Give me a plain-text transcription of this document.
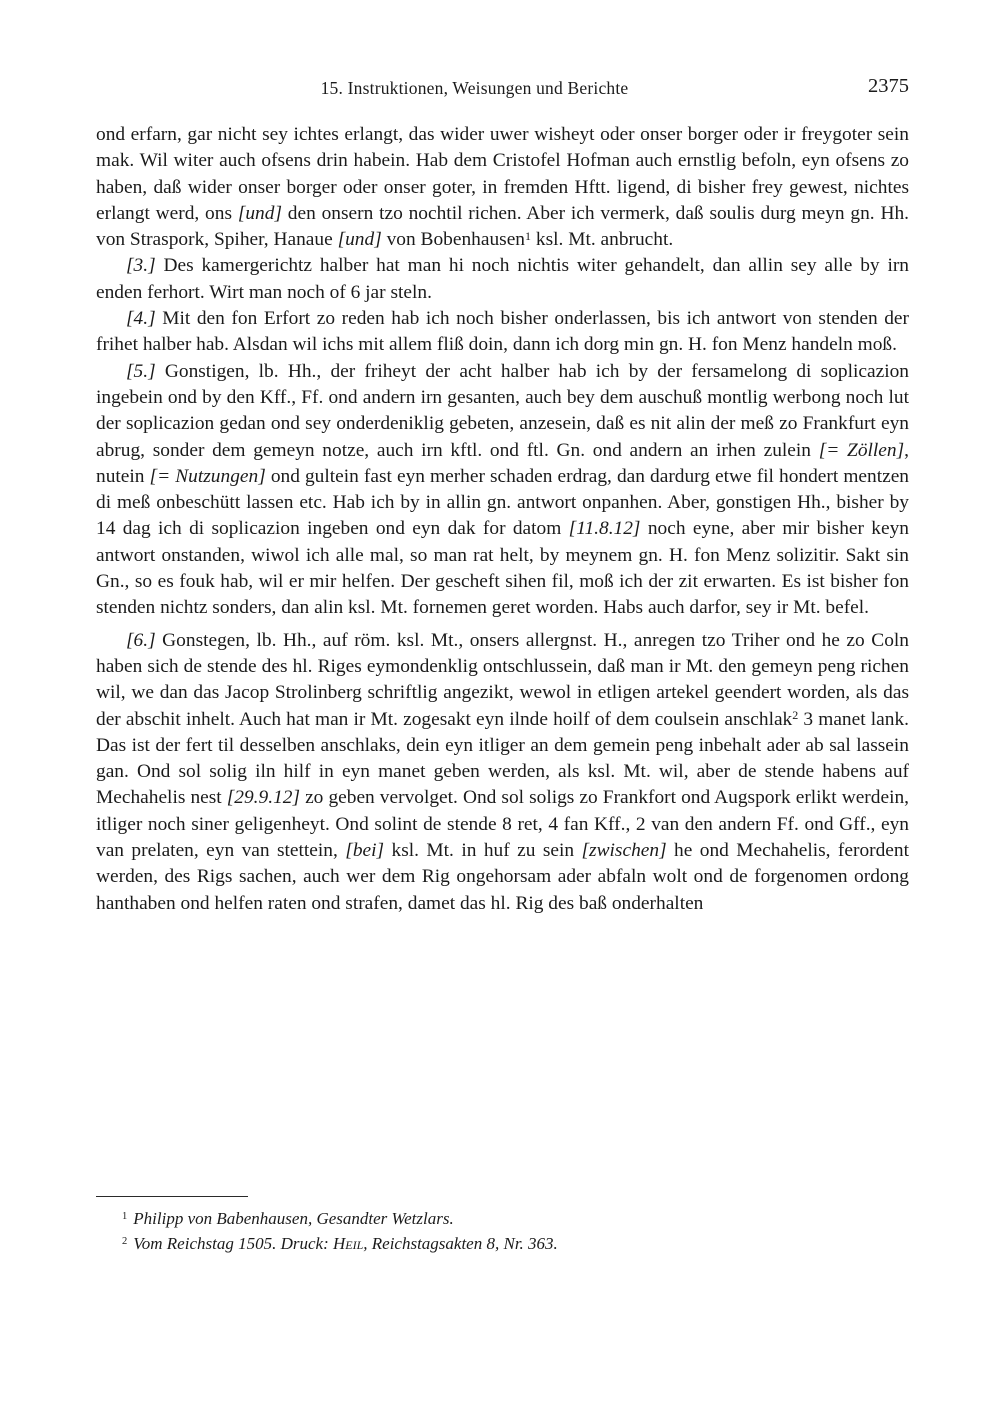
15. Instruktionen, Weisungen und Berichte	2375

ond erfarn, gar nicht sey ichtes erlangt, das wider uwer wisheyt oder onser borger oder ir freygoter sein mak. Wil witer auch ofsens drin habein. Hab dem Cristofel Hofman auch ernstlig befoln, eyn ofsens zo haben, daß wider onser borger oder onser goter, in fremden Hftt. ligend, di bisher frey gewest, nichtes erlangt werd, ons [und] den onsern tzo nochtil richen. Aber ich vermerk, daß soulis durg meyn gn. Hh. von Straspork, Spiher, Hanaue [und] von Bobenhausen$^1$ ksl. Mt. anbrucht.

[3.] Des kamergerichtz halber hat man hi noch nichtis witer gehandelt, dan allin sey alle by irn enden ferhort. Wirt man noch of 6 jar steln.

[4.] Mit den fon Erfort zo reden hab ich noch bisher onderlassen, bis ich antwort von stenden der frihet halber hab. Alsdan wil ichs mit allem fliß doin, dann ich dorg min gn. H. fon Menz handeln moß.

[5.] Gonstigen, lb. Hh., der friheyt der acht halber hab ich by der fersamelong di soplicazion ingebein ond by den Kff., Ff. ond andern irn gesanten, auch bey dem auschuß montlig werbong noch lut der soplicazion gedan ond sey onderdeniklig gebeten, anzesein, daß es nit alin der meß zo Frankfurt eyn abrug, sonder dem gemeyn notze, auch irn kftl. ond ftl. Gn. ond andern an irhen zulein [= Zöllen], nutein [= Nutzungen] ond gultein fast eyn merher schaden erdrag, dan dardurg etwe fil hondert mentzen di meß onbeschütt lassen etc. Hab ich by in allin gn. antwort onpanhen. Aber, gonstigen Hh., bisher by 14 dag ich di soplicazion ingeben ond eyn dak for datom [11.8.12] noch eyne, aber mir bisher keyn antwort onstanden, wiwol ich alle mal, so man rat helt, by meynem gn. H. fon Menz solizitir. Sakt sin Gn., so es fouk hab, wil er mir helfen. Der gescheft sihen fil, moß ich der zit erwarten. Es ist bisher fon stenden nichtz sonders, dan alin ksl. Mt. fornemen geret worden. Habs auch darfor, sey ir Mt. befel.

[6.] Gonstegen, lb. Hh., auf röm. ksl. Mt., onsers allergnst. H., anregen tzo Triher ond he zo Coln haben sich de stende des hl. Riges eymondenklig ontschlussein, daß man ir Mt. den gemeyn peng richen wil, we dan das Jacop Strolinberg schriftlig angezikt, wewol in etligen artekel geendert worden, als das der abschit inhelt. Auch hat man ir Mt. zogesakt eyn ilnde hoilf of dem coulsein anschlak$^2$ 3 manet lank. Das ist der fert til desselben anschlaks, dein eyn itliger an dem gemein peng inbehalt ader ab sal lassein gan. Ond sol solig iln hilf in eyn manet geben werden, als ksl. Mt. wil, aber de stende habens auf Mechahelis nest [29.9.12] zo geben vervolget. Ond sol soligs zo Frankfort ond Augspork erlikt werdein, itliger noch siner geligenheyt. Ond solint de stende 8 ret, 4 fan Kff., 2 van den andern Ff. ond Gff., eyn van prelaten, eyn van stettein, [bei] ksl. Mt. in huf zu sein [zwischen] he ond Mechahelis, ferordent werden, des Rigs sachen, auch wer dem Rig ongehorsam ader abfaln wolt ond de forgenomen ordong hanthaben ond helfen raten ond strafen, damet das hl. Rig des baß onderhalten

$^1$ Philipp von Babenhausen, Gesandter Wetzlars.
$^2$ Vom Reichstag 1505. Druck: Heil, Reichstagsakten 8, Nr. 363.
